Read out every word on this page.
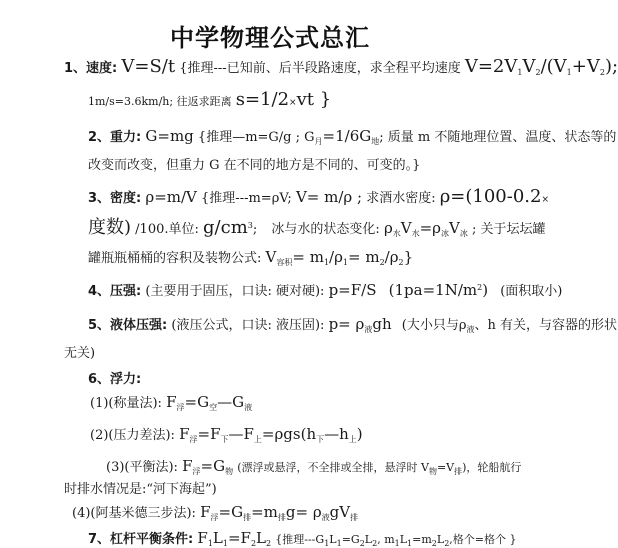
中学物理公式总汇
1、速度: V=S/t {推理---已知前、后半段路速度，求全程平均速度 $V=2V_1V_2/(V_1+V_2)$;
1m/s=3.6km/h; 往返求距离 s=1/2×vt }
2、重力: G=mg {推理—m=G/g ; $G_月=1/6G_地$; 质量 m 不随地理位置、温度、状态等的
改变而改变，但重力 G 在不同的地方是不同的、可变的。}
3、密度: ρ=m/V {推理---m=ρV; V= m/ρ ; 求酒水密度: ρ=(100-0.2×
度数) /100.单位: $g/cm^3$; 冰与水的状态变化: $\rho_水V_水=\rho_冰V_冰$ ; 关于坛坛罐
罐瓶瓶桶桶的容积及装物公式: $V_{容积}= m_1/\rho_1= m_2/\rho_2$}
4、压强: (主要用于固压，口诀: 硬对硬): p=F/S $(1pa=1N/m^2)$ (面积取小)
5、液体压强: (液压公式，口诀: 液压固): $p= \rho_液gh$ (大小只与$\rho_液$、h 有关，与容器的形状
无关)
6、浮力:
(1)(称量法): $F_浮=G_空—G_液$
(2)(压力差法): $F_浮=F_下—F_上=\rho gs(h_下—h_上)$
(3)(平衡法): $F_浮=G_物$ (漂浮或悬浮，不全排或全排，悬浮时 $V_物=V_排$)，轮船航行
时排水情况是:“河下海起”)
(4)(阿基米德三步法): $F_浮=G_排=m_排g= \rho_液gV_排$
7、杠杆平衡条件: $F_1L_1=F_2L_2$ {推理$---G_1L_1=G_2L_2$, $m_1L_1=m_2L_2$,格个=格个 }
